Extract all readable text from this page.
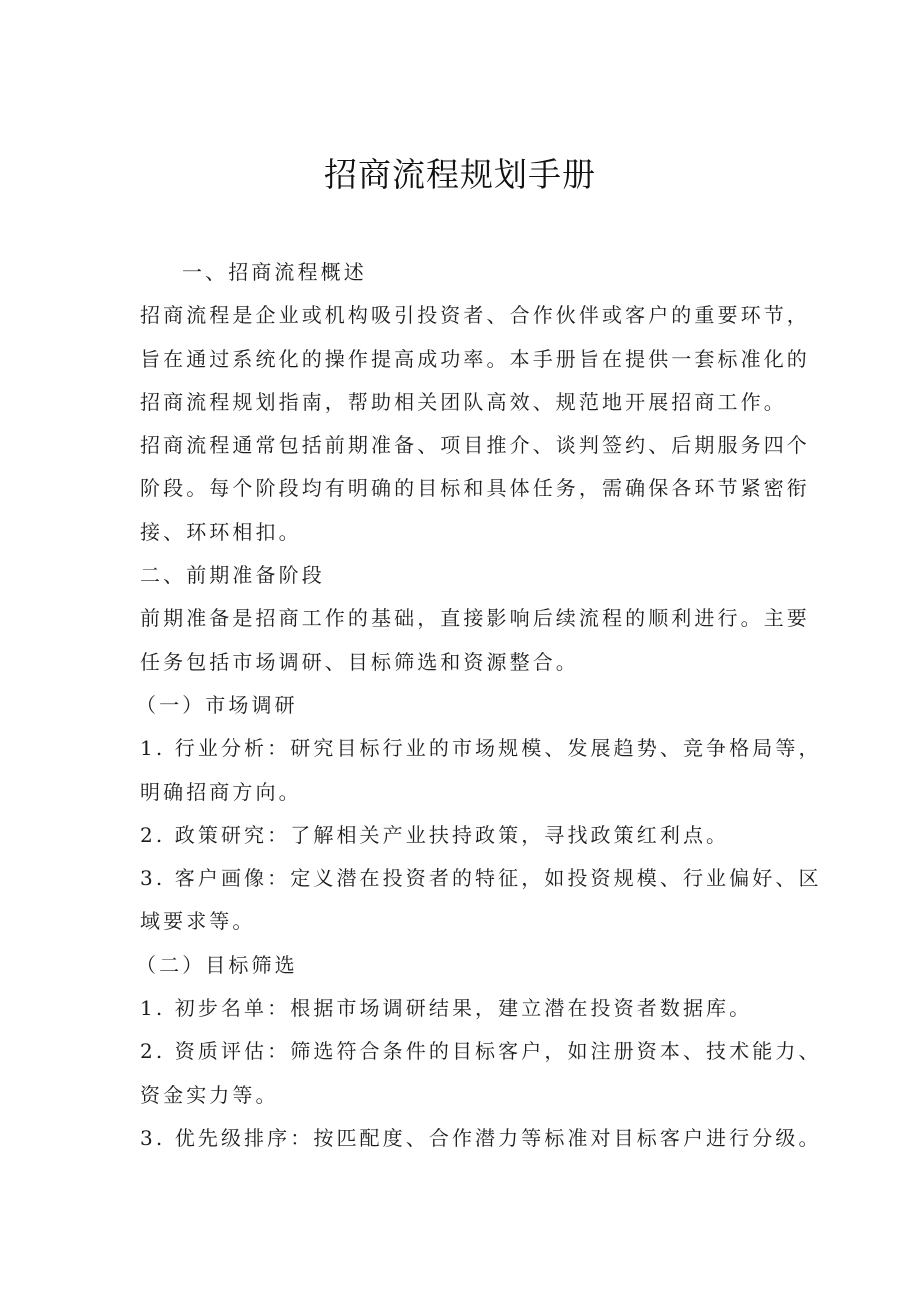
招商流程规划手册
一、招商流程概述
招商流程是企业或机构吸引投资者、合作伙伴或客户的重要环节，
旨在通过系统化的操作提高成功率。本手册旨在提供一套标准化的
招商流程规划指南，帮助相关团队高效、规范地开展招商工作。
招商流程通常包括前期准备、项目推介、谈判签约、后期服务四个
阶段。每个阶段均有明确的目标和具体任务，需确保各环节紧密衔
接、环环相扣。
二、前期准备阶段
前期准备是招商工作的基础，直接影响后续流程的顺利进行。主要
任务包括市场调研、目标筛选和资源整合。
（一）市场调研
1. 行业分析：研究目标行业的市场规模、发展趋势、竞争格局等，
明确招商方向。
2. 政策研究：了解相关产业扶持政策，寻找政策红利点。
3. 客户画像：定义潜在投资者的特征，如投资规模、行业偏好、区
域要求等。
（二）目标筛选
1. 初步名单：根据市场调研结果，建立潜在投资者数据库。
2. 资质评估：筛选符合条件的目标客户，如注册资本、技术能力、
资金实力等。
3. 优先级排序：按匹配度、合作潜力等标准对目标客户进行分级。
